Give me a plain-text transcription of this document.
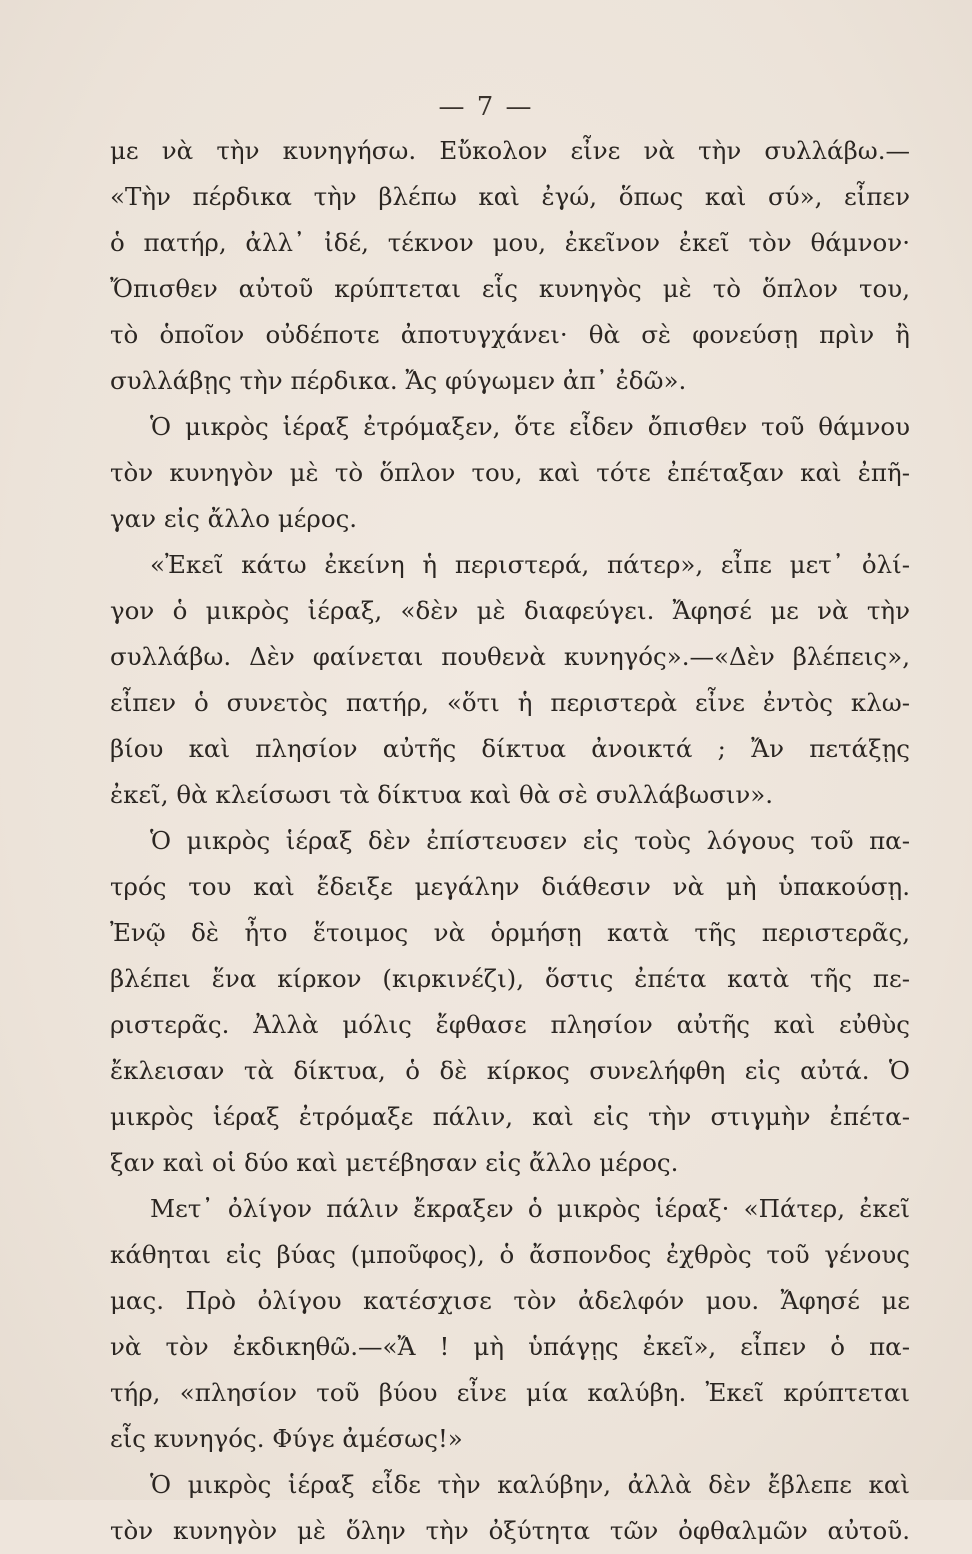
— 7 —
με νὰ τὴν κυνηγήσω. Εὔκολον εἶνε νὰ τὴν συλλάβω.—
«Τὴν πέρδικα τὴν βλέπω καὶ ἐγώ, ὅπως καὶ σύ», εἶπεν
ὁ πατήρ, ἀλλ᾽ ἰδέ, τέκνον μου, ἐκεῖνον ἐκεῖ τὸν θάμνον·
Ὄπισθεν αὐτοῦ κρύπτεται εἷς κυνηγὸς μὲ τὸ ὅπλον του,
τὸ ὁποῖον οὐδέποτε ἀποτυγχάνει· θὰ σὲ φονεύσῃ πρὶν ἢ
συλλάβῃς τὴν πέρδικα. Ἄς φύγωμεν ἀπ᾽ ἐδῶ».
Ὁ μικρὸς ἱέραξ ἐτρόμαξεν, ὅτε εἶδεν ὄπισθεν τοῦ θάμνου
τὸν κυνηγὸν μὲ τὸ ὅπλον του, καὶ τότε ἐπέταξαν καὶ ἐπῆ-
γαν εἰς ἄλλο μέρος.
«Ἐκεῖ κάτω ἐκείνη ἡ περιστερά, πάτερ», εἶπε μετ᾽ ὀλί-
γον ὁ μικρὸς ἱέραξ, «δὲν μὲ διαφεύγει. Ἄφησέ με νὰ τὴν
συλλάβω. Δὲν φαίνεται πουθενὰ κυνηγός».—«Δὲν βλέπεις»,
εἶπεν ὁ συνετὸς πατήρ, «ὅτι ἡ περιστερὰ εἶνε ἐντὸς κλω-
βίου καὶ πλησίον αὐτῆς δίκτυα ἀνοικτά ; Ἄν πετάξῃς
ἐκεῖ, θὰ κλείσωσι τὰ δίκτυα καὶ θὰ σὲ συλλάβωσιν».
Ὁ μικρὸς ἱέραξ δὲν ἐπίστευσεν εἰς τοὺς λόγους τοῦ πα-
τρός του καὶ ἔδειξε μεγάλην διάθεσιν νὰ μὴ ὑπακούσῃ.
Ἐνῷ δὲ ἦτο ἕτοιμος νὰ ὁρμήσῃ κατὰ τῆς περιστερᾶς,
βλέπει ἕνα κίρκον (κιρκινέζι), ὅστις ἐπέτα κατὰ τῆς πε-
ριστερᾶς. Ἀλλὰ μόλις ἔφθασε πλησίον αὐτῆς καὶ εὐθὺς
ἔκλεισαν τὰ δίκτυα, ὁ δὲ κίρκος συνελήφθη εἰς αὐτά. Ὁ
μικρὸς ἱέραξ ἐτρόμαξε πάλιν, καὶ εἰς τὴν στιγμὴν ἐπέτα-
ξαν καὶ οἱ δύο καὶ μετέβησαν εἰς ἄλλο μέρος.
Μετ᾽ ὀλίγον πάλιν ἔκραξεν ὁ μικρὸς ἱέραξ· «Πάτερ, ἐκεῖ
κάθηται εἰς βύας (μποῦφος), ὁ ἄσπονδος ἐχθρὸς τοῦ γένους
μας. Πρὸ ὀλίγου κατέσχισε τὸν ἀδελφόν μου. Ἄφησέ με
νὰ τὸν ἐκδικηθῶ.—«Ἄ ! μὴ ὑπάγῃς ἐκεῖ», εἶπεν ὁ πα-
τήρ, «πλησίον τοῦ βύου εἶνε μία καλύβη. Ἐκεῖ κρύπτεται
εἷς κυνηγός. Φύγε ἀμέσως!»
Ὁ μικρὸς ἱέραξ εἶδε τὴν καλύβην, ἀλλὰ δὲν ἔβλεπε καὶ
τὸν κυνηγὸν μὲ ὅλην τὴν ὀξύτητα τῶν ὀφθαλμῶν αὐτοῦ.
